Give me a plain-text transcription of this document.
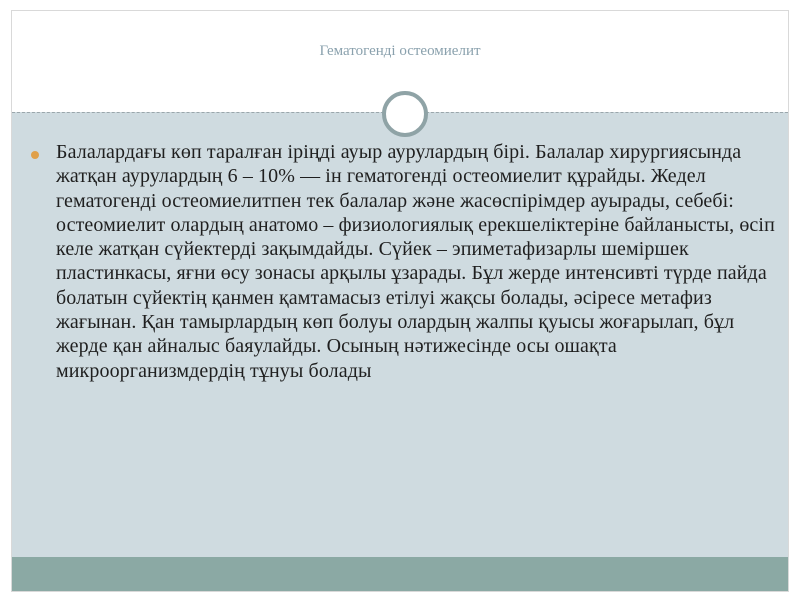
Гематогенді остеомиелит

Балалардағы көп таралған іріңді ауыр аурулардың бірі. Балалар хирургиясында жатқан аурулардың 6 – 10% — ін гематогенді остеомиелит құрайды. Жедел гематогенді остеомиелитпен тек балалар және жасөспірімдер ауырады, себебі: остеомиелит олардың анатомо – физиологиялық ерекшеліктеріне байланысты, өсіп келе жатқан сүйектерді зақымдайды. Сүйек – эпиметафизарлы шеміршек пластинкасы, яғни өсу зонасы арқылы ұзарады. Бұл жерде интенсивті түрде пайда болатын сүйектің қанмен қамтамасыз етілуі жақсы болады, әсіресе метафиз жағынан. Қан тамырлардың көп болуы олардың жалпы қуысы жоғарылап, бұл жерде қан айналыс баяулайды. Осының нәтижесінде осы ошақта микроорганизмдердің тұнуы болады
